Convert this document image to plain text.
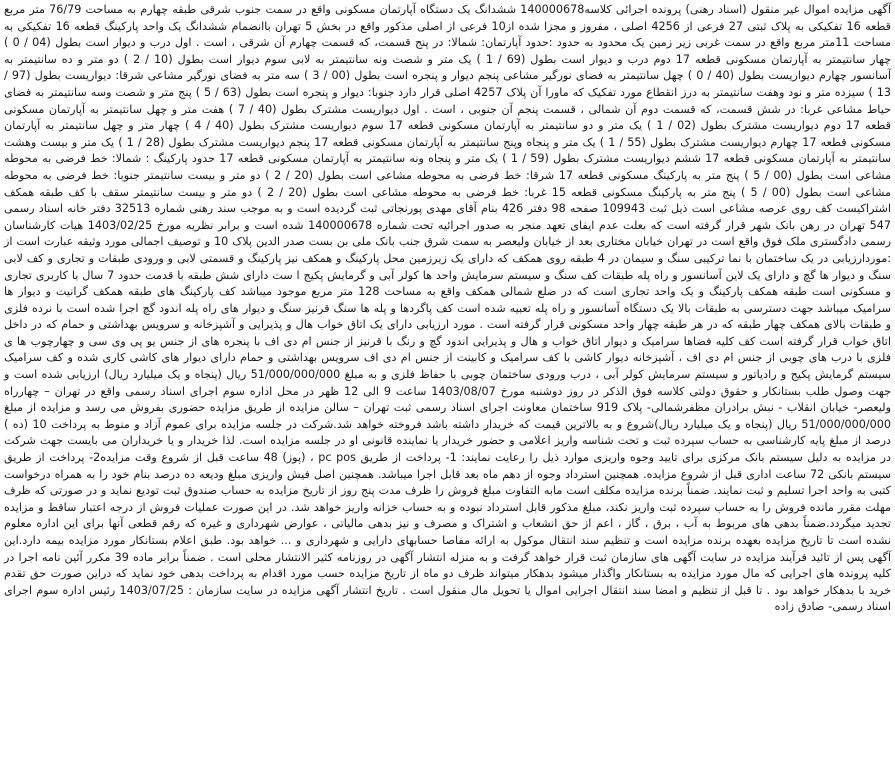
آگهی مزایده اموال غیر منقول (اسناد رهنی) پرونده اجرائی کلاسه140000678 ششدانگ یک دستگاه آپارتمان مسکونی واقع در سمت جنوب شرقی طبقه چهارم به مساحت 76/79 متر مربع قطعه 16 تفکیکی به پلاک ثبتی 27 فرعی از 4256 اصلی ، مفروز و مجزا شده از10 فرعی از اصلی مذکور واقع در بخش 5 تهران باانضمام ششدانگ یک واحد پارکینگ قطعه 16 تفکیکی به مساحت 11متر مربع واقع در سمت غربی زیر زمین یک محدود به حدود :حدود آپارتمان: شمالا: در پنج قسمت، که قسمت چهارم آن شرقی ، است . اول درب و دیوار است بطول (04 / 0 ) چهار سانتیمتر به آپارتمان مسکونی قطعه 17 دوم درب و دیوار است بطول (69 / 1 ) یک متر و شصت ونه سانتیمتر به لابی سوم دیوار است بطول (10 / 2 ) دو متر و ده سانتیمتر به آسانسور چهارم دیواریست بطول (40 / 0 ) چهل سانتیمتر به فضای نورگیر مشاعی پنجم دیوار و پنجره است بطول (00 / 3 ) سه متر به فضای نورگیر مشاعی شرقا: دیواریست بطول (97 / 13 ) سیزده متر و نود وهفت سانتیمتر به درز انقطاع مورد تفکیک که ماورا آن پلاک 4257 اصلی قرار دارد جنوبا: دیوار و پنجره است بطول (63 / 5 ) پنج متر و شصت وسه سانتیمتر به فضای حیاط مشاعی غربا: در شش قسمت، که قسمت دوم آن شمالی ، قسمت پنجم آن جنوبی ، است . اول دیواریست مشترک بطول (40 / 7 ) هفت متر و چهل سانتیمتر به آپارتمان مسکونی قطعه 17 دوم دیواریست مشترک بطول (02 / 1 ) یک متر و دو سانتیمتر به آپارتمان مسکونی قطعه 17 سوم دیواریست مشترک بطول (40 / 4 ) چهار متر و چهل سانتیمتر به آپارتمان مسکونی قطعه 17 چهارم دیواریست مشترک بطول (55 / 1 ) یک متر و پنجاه وپنج سانتیمتر به آپارتمان مسکونی قطعه 17 پنجم دیواریست مشترک بطول (28 / 1 ) یک متر و بیست وهشت سانتیمتر به آپارتمان مسکونی قطعه 17 ششم دیواریست مشترک بطول (59 / 1 ) یک متر و پنجاه ونه سانتیمتر به آپارتمان مسکونی قطعه 17 حدود پارکینگ : شمالا: خط فرضی به محوطه مشاعی است بطول (00 / 5 ) پنج متر به پارکینگ مسکونی قطعه 17 شرقا: خط فرضی به محوطه مشاعی است بطول (20 / 2 ) دو متر و بیست سانتیمتر جنوبا: خط فرضی به محوطه مشاعی است بطول (00 / 5 ) پنج متر به پارکینگ مسکونی قطعه 15 غربا: خط فرضی به محوطه مشاعی است بطول (20 / 2 ) دو متر و بیست سانتیمتر سقف با کف طبقه همکف اشتراکیست کف روی عرصه مشاعی است ذیل ثبت 109943 صفحه 98 دفتر 426 بنام آقای مهدی پورنجاتی ثبت گردیده است و به موجب سند رهنی شماره 32513 دفتر خانه اسناد رسمی 547 تهران در رهن بانک شهر قرار گرفته است که بعلت عدم ایفای تعهد منجر به صدور اجرائیه تحت شماره 140000678 شده است و برابر نظریه مورخ 1403/02/25 هیات کارشناسان رسمی دادگستری ملک فوق واقع است در تهران خیابان مختاری بعد از خیابان ولیعصر به سمت شرق جنب بانک ملی بن بست صدر الدین پلاک 10 و توصیف اجمالی مورد وثیقه عبارت است از :موردارزیابی در یک ساختمان با نما ترکیبی سنگ و سیمان در 4 طبقه روی همکف که دارای یک زیرزمین محل پارکینگ و همکف نیز پارکینگ و قسمتی لابی و ورودی طبقات و تجاری و کف لابی سنگ و دیوار ها گچ و دارای یک لاین آسانسور و راه پله طبقات کف سنگ و سیستم سرمایش واحد ها کولر آبی و گرمایش پکیج ا ست دارای شش طبقه با قدمت حدود 7 سال با کاربری تجاری و مسکونی است طبقه همکف پارکینگ و یک واحد تجاری است که در ضلع شمالی همکف واقع به مساحت 128 متر مربع موجود میباشد کف پارکینگ های طبقه همکف گرانیت و دیوار ها سرامیک میباشد جهت دسترسی به طبقات بالا یک دستگاه آسانسور و راه پله تعبیه شده است کف پاگردها و پله ها سنگ قرنیز سنگ و دیوار های راه پله اندود گچ اجرا شده است با نرده فلزی و طبقات بالای همکف چهار طبقه که در هر طبقه چهار واحد مسکونی قرار گرفته است . مورد ارزیابی دارای یک اتاق خواب هال و پذیرایی و آشپزخانه و سرویس بهداشتی و حمام که در داخل اتاق خواب قرار گرفته است کف کلیه فضاها سرامیک و دیوار اتاق خواب و هال و پذیرایی اندود گچ و رنگ با قرنیز از جنس ام دی اف با پنجره های از جنس یو پی وی سی و چهارچوب ها ی فلزی با درب های چوبی از جنس ام دی اف ، آشپزخانه دیوار کاشی با کف سرامیک و کابینت از جنس ام دی اف سرویس بهداشتی و حمام دارای دیوار های کاشی کاری شده و کف سرامیک سیستم گرمایش پکیج و رادیاتور و سیستم سرمایش کولر آبی ، درب ورودی ساختمان چوبی با حفاظ فلزی و به مبلغ 51/000/000/000 ریال (پنجاه و یک میلیارد ریال) ارزیابی شده است و جهت وصول طلب بستانکار و حقوق دولتی کلاسه فوق الذکر در روز دوشنبه مورخ 1403/08/07 ساعت 9 الی 12 ظهر در محل اداره سوم اجرای اسناد رسمی واقع در تهران – چهارراه ولیعصر- خیابان انقلاب - نبش برادران مظفرشمالی- پلاک 919 ساختمان معاونت اجرای اسناد رسمی ثبت تهران – سالن مزایده از طریق مزایده حضوری بفروش می رسد و مزایده از مبلغ 51/000/000/000 ریال (پنجاه و یک میلیارد ریال)شروع و به بالاترین قیمت که خریدار داشته باشد فروخته خواهد شد.شرکت در جلسه مزایده برای عموم آزاد و منوط به پرداخت 10 (ده ) درصد از مبلغ پایه کارشناسی به حساب سپرده ثبت و تحت شناسه واریز اعلامی و حضور خریدار یا نماینده قانونی او در جلسه مزایده است. لذا خریدار و یا خریداران می بایست جهت شرکت در مزایده به دلیل سیستم بانک مرکزی برای تایید وجوه واریزی موارد ذیل را رعایت نمایند: 1- پرداخت از طریق pc pos ، (پوز) 48 ساعت قبل از شروع وقت مزایده2- پرداخت از طریق سیستم بانکی 72 ساعت اداری قبل از شروع مزایده. همچنین استرداد وجوه از دهم ماه بعد قابل اجرا میباشد. همچنین اصل فیش واریزی مبلغ ودیعه ده درصد بنام خود را به همراه درخواست کتبی به واحد اجرا تسلیم و ثبت نمایند. ضمناً برنده مزایده مکلف است مابه التفاوت مبلغ فروش را ظرف مدت پنج روز از تاریخ مزایده به حساب صندوق ثبت تودیع نماید و در صورتی که ظرف مهلت مقرر مانده فروش را به حساب سپرده ثبت واریز نکند، مبلغ مذکور قابل استرداد نبوده و به حساب خزانه واریز خواهد شد. در این صورت عملیات فروش از درجه اعتبار ساقط و مزایده تجدید میگردد.ضمناً بدهی های مربوط به آب ، برق ، گاز ، اعم از حق انشعاب و اشتراک و مصرف و نیز بدهی مالیاتی ، عوارض شهرداری و غیره که رقم قطعی آنها برای این اداره معلوم نشده است تا تاریخ مزایده بعهده برنده مزایده است و تنظیم سند انتقال موکول به ارائه مفاصا حسابهای دارایی و شهرداری و ... خواهد بود. طبق اعلام بستانکار مورد مزایده بیمه دارد.این آگهی پس از تائید فرآیند مزایده در سایت آگهی های سازمان ثبت قرار خواهد گرفت و به منزله انتشار آگهی در روزنامه کثیر الانتشار محلی است . ضمناً برابر ماده 39 مکرر آئین نامه اجرا در کلیه پرونده های اجرایی که مال مورد مزایده به بستانکار واگذار میشود بدهکار میتواند ظرف دو ماه از تاریخ مزایده حسب مورد اقدام به پرداخت بدهی خود نماید که دراین صورت حق تقدم خرید با بدهکار خواهد بود . تا قبل از تنظیم و امضا سند انتقال اجرایی اموال یا تحویل مال منقول است . تاریخ انتشار آگهی مزایده در سایت سازمان : 1403/07/25 رئیس اداره سوم اجرای اسناد رسمی- صادق زاده
